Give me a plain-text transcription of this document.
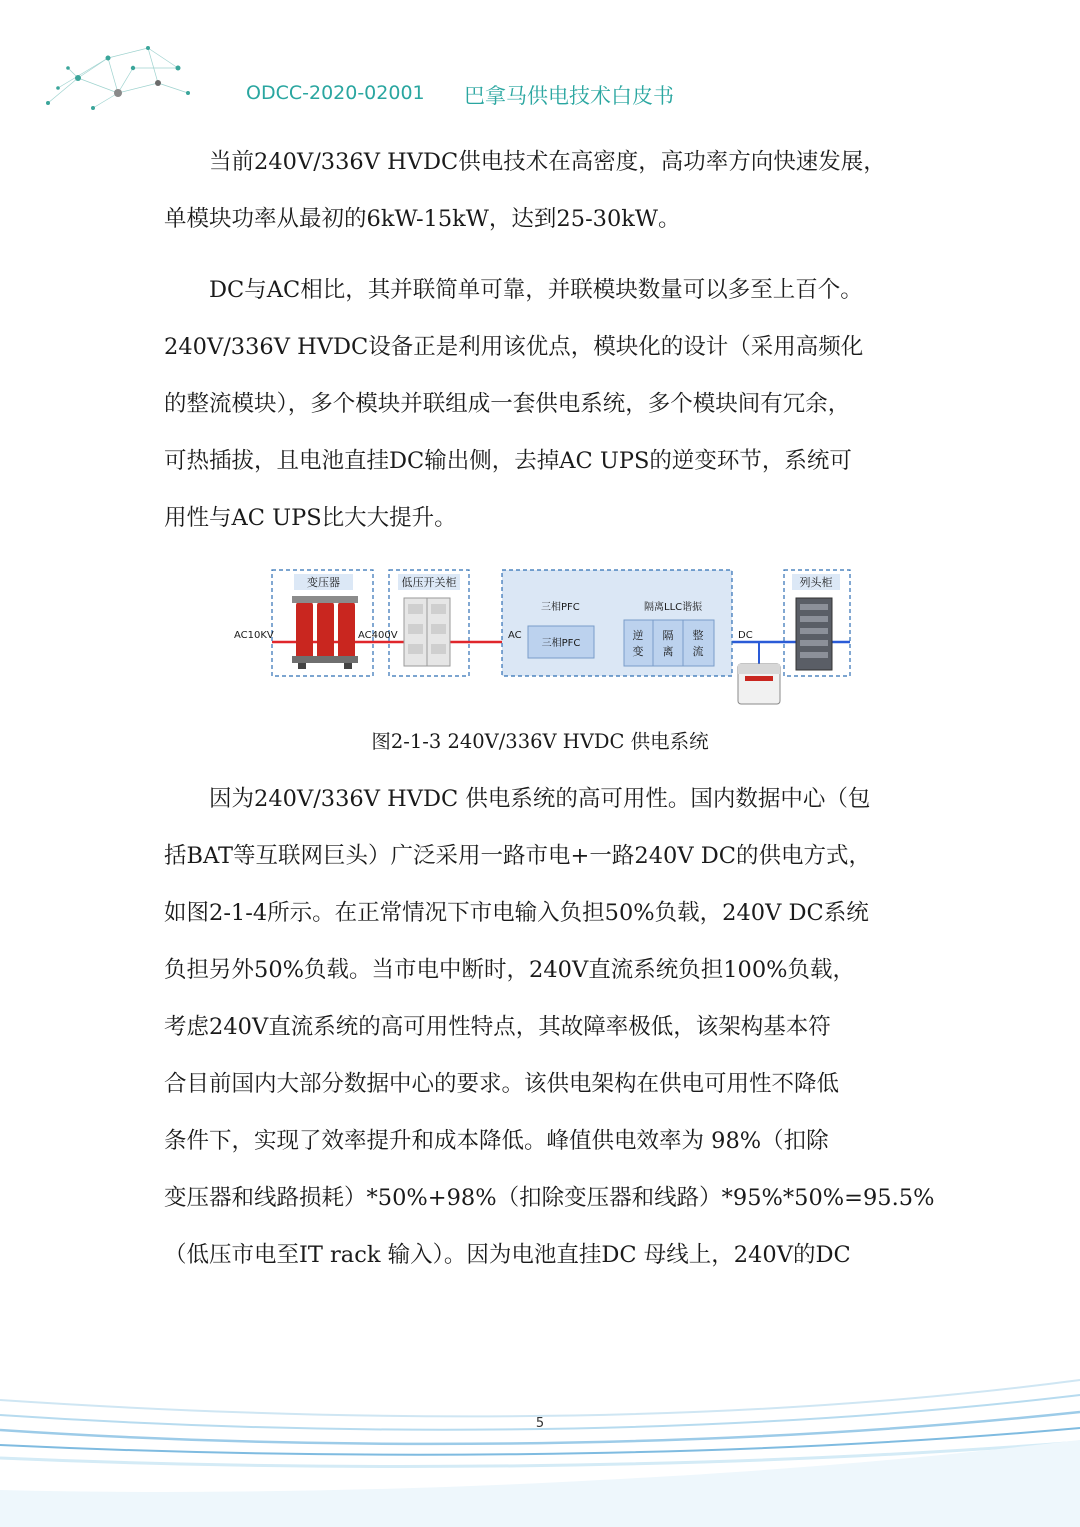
ODCC-2020-02001 巴拿马供电技术白皮书

当前240V/336V HVDC供电技术在高密度，高功率方向快速发展，
单模块功率从最初的6kW-15kW，达到25-30kW。

DC与AC相比，其并联简单可靠，并联模块数量可以多至上百个。
240V/336V HVDC设备正是利用该优点，模块化的设计（采用高频化
的整流模块），多个模块并联组成一套供电系统，多个模块间有冗余，
可热插拔，且电池直挂DC输出侧，去掉AC UPS的逆变环节，系统可
用性与AC UPS比大大提升。

变压器
AC10KV
低压开关柜
AC400V
三相PFC	隔离LLC谐振
三相PFC
逆
变
隔
离
整
流
AC	DC
列头柜
图2-1-3 240V/336V HVDC 供电系统

因为240V/336V HVDC 供电系统的高可用性。国内数据中心（包
括BAT等互联网巨头）广泛采用一路市电+一路240V DC的供电方式，
如图2-1-4所示。在正常情况下市电输入负担50%负载，240V DC系统
负担另外50%负载。当市电中断时，240V直流系统负担100%负载，
考虑240V直流系统的高可用性特点，其故障率极低，该架构基本符
合目前国内大部分数据中心的要求。该供电架构在供电可用性不降低
条件下，实现了效率提升和成本降低。峰值供电效率为 98%（扣除
变压器和线路损耗）*50%+98%（扣除变压器和线路）*95%*50%=95.5%
（低压市电至IT rack 输入）。因为电池直挂DC 母线上，240V的DC

5
